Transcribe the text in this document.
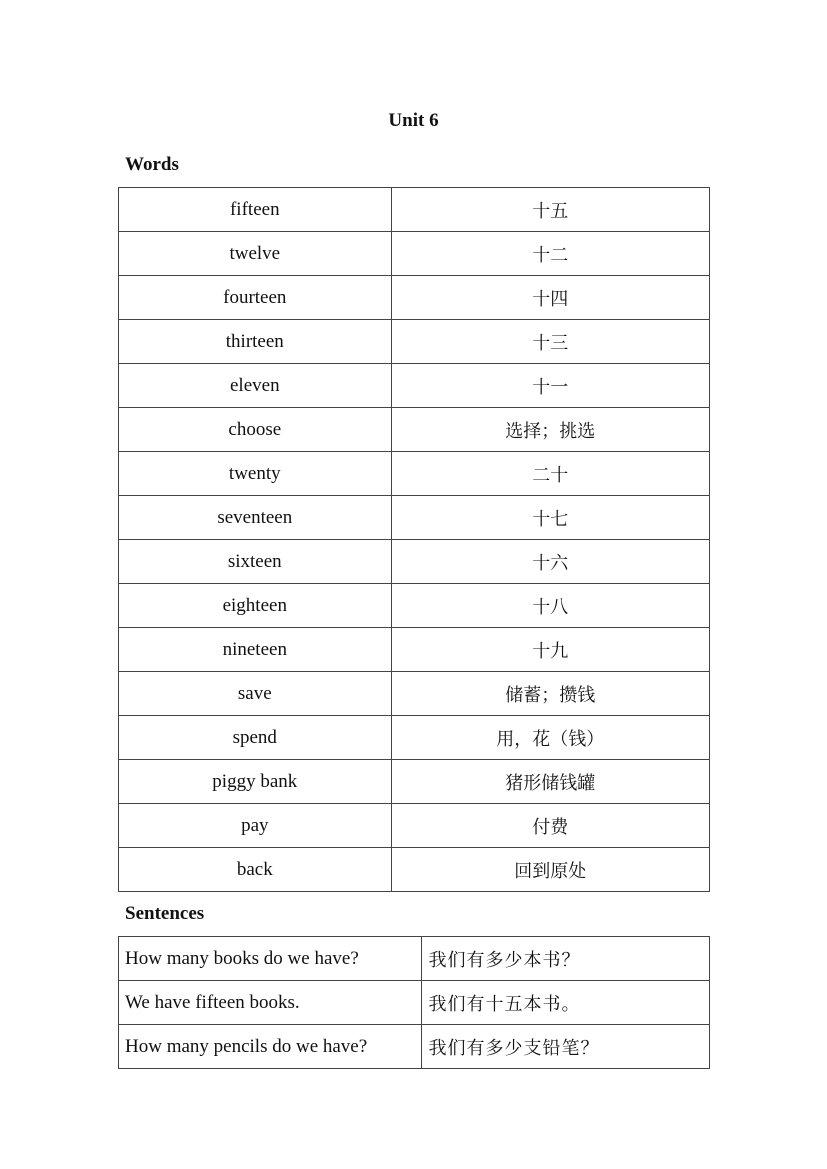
Unit 6
Words
fifteen	十五
twelve	十二
fourteen	十四
thirteen	十三
eleven	十一
choose	选择；挑选
twenty	二十
seventeen	十七
sixteen	十六
eighteen	十八
nineteen	十九
save	储蓄；攒钱
spend	用，花（钱）
piggy bank	猪形储钱罐
pay	付费
back	回到原处
Sentences
How many books do we have?	我们有多少本书？
We have fifteen books.	我们有十五本书。
How many pencils do we have?	我们有多少支铅笔？
